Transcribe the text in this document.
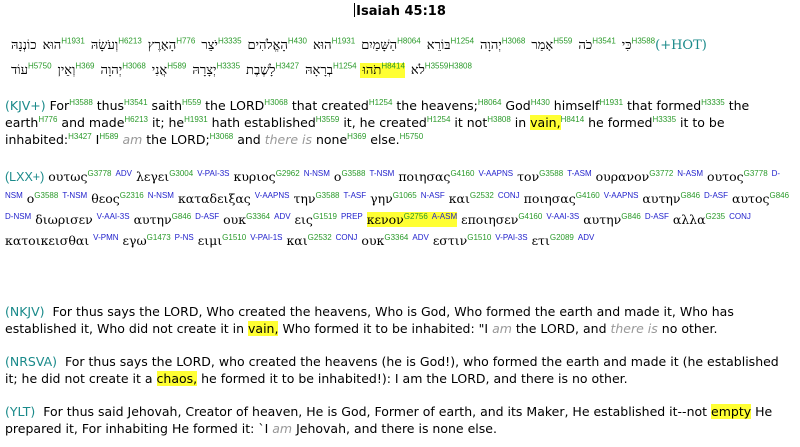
Isaiah 45:18
$(HOT+)^{H3588}כִּי^{H3541}כֹה^{H559}אָמַר^{H3068}יְהוָה^{H1254}בּוֹרֵא^{H8064}הַשָּׁמַיִם^{H1931}הוּא^{H430}הָאֱלֹהִים^{H3335}יֹצֵר^{H776}הָאָרֶץ^{H6213}וְעֹשָׂהּ^{H1931}הוּאכוֹנְנָהּ$
$^{H3559H3808}$לֹא$^{H8414}$תֹהוּ$^{H1254}$בְרָאָהּ$^{H3427}$לָשֶׁבֶת$^{H3335}$יְצָרָהּ$^{H589}$אֲנִי$^{H3068}$יְהוָה$^{H369}$וְאֵין$^{H5750}$עוֹד
(KJV+) For$^{H3588}$ thus$^{H3541}$ saith$^{H559}$ the $LORD^{H3068}$ that created$^{H1254}$ the heavens;$^{H8064}$ God$^{H430}$ himself$^{H1931}$ that formed$^{H3335}$ the earth$^{H776}$ and made$^{H6213}$ it; $he^{H1931}$ hath established$^{H3559}$ it, he created$^{H1254}$ it not$^{H3808}$ in vain,$^{H8414}$ he formed$^{H3335}$ it to be inhabited:$^{H3427}$ $I^{H589}$ am the LORD;$^{H3068}$ and there is none$^{H369}$ else.$^{H5750}$
(LXX+) ουτως$^{G3778}$ $^{ADV}$ λεγει$^{G3004}$ $^{V-PAI-3S}$ κυριος$^{G2962}$ $^{N-NSM}$ $o^{G3588}$ $^{T-NSM}$ ποιησας$^{G4160}$ $^{V-AAPNS}$ τον$^{G3588}$ $^{T-ASM}$ ουρανον$^{G3772}$ $^{N-ASM}$ ουτος$^{G3778}$ $^{D-NSM}$ $o^{G3588}$ $^{T-NSM}$ θεος$^{G2316}$ $^{N-NSM}$ καταδειξας $^{V-AAPNS}$ την$^{G3588}$ $^{T-ASF}$ γην$^{G1065}$ $^{N-ASF}$ και$^{G2532}$ $^{CONJ}$ ποιησας$^{G4160}$ $^{V-AAPNS}$ αυτην$^{G846}$ $^{D-ASF}$ αυτος$^{G846}$ $^{D-NSM}$ διωρισεν $^{V-AAI-3S}$ αυτην$^{G846}$ $^{D-ASF}$ ουκ$^{G3364}$ $^{ADV}$ εις$^{G1519}$ $^{PREP}$ κενον$^{G2756}$ $^{A-ASM}$ εποιησεν$^{G4160}$ $^{V-AAI-3S}$ αυτην$^{G846}$ $^{D-ASF}$ αλλα$^{G235}$ $^{CONJ}$ κατοικεισθαι $^{V-PMN}$ εγω$^{G1473}$ $^{P-NS}$ ειμι$^{G1510}$ $^{V-PAI-1S}$ και$^{G2532}$ $^{CONJ}$ ουκ$^{G3364}$ $^{ADV}$ εστιν$^{G1510}$ $^{V-PAI-3S}$ ετι$^{G2089}$ $^{ADV}$
(NKJV) For thus says the LORD, Who created the heavens, Who is God, Who formed the earth and made it, Who has established it, Who did not create it in vain, Who formed it to be inhabited: "I am the LORD, and there is no other.
(NRSVA) For thus says the LORD, who created the heavens (he is God!), who formed the earth and made it (he established it; he did not create it a chaos, he formed it to be inhabited!): I am the LORD, and there is no other.
(YLT) For thus said Jehovah, Creator of heaven, He is God, Former of earth, and its Maker, He established it--not empty He prepared it, For inhabiting He formed it: `I am Jehovah, and there is none else.
